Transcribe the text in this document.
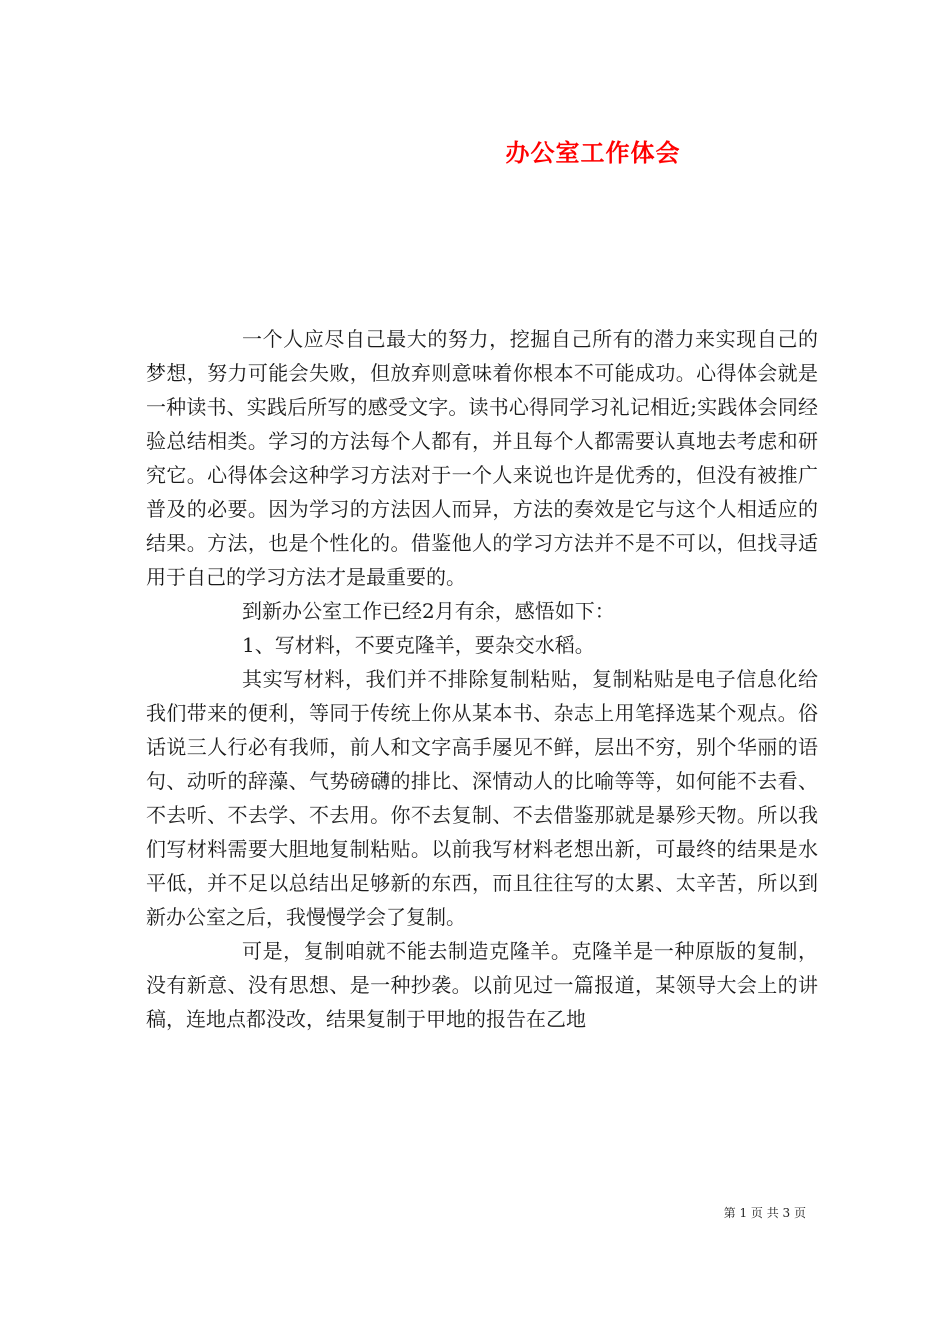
办公室工作体会

一个人应尽自己最大的努力，挖掘自己所有的潜力来实现自己的梦想，努力可能会失败，但放弃则意味着你根本不可能成功。心得体会就是一种读书、实践后所写的感受文字。读书心得同学习礼记相近;实践体会同经验总结相类。学习的方法每个人都有，并且每个人都需要认真地去考虑和研究它。心得体会这种学习方法对于一个人来说也许是优秀的，但没有被推广普及的必要。因为学习的方法因人而异，方法的奏效是它与这个人相适应的结果。方法，也是个性化的。借鉴他人的学习方法并不是不可以，但找寻适用于自己的学习方法才是最重要的。

到新办公室工作已经2月有余，感悟如下：

1、写材料，不要克隆羊，要杂交水稻。

其实写材料，我们并不排除复制粘贴，复制粘贴是电子信息化给我们带来的便利，等同于传统上你从某本书、杂志上用笔择选某个观点。俗话说三人行必有我师，前人和文字高手屡见不鲜，层出不穷，别个华丽的语句、动听的辞藻、气势磅礴的排比、深情动人的比喻等等，如何能不去看、不去听、不去学、不去用。你不去复制、不去借鉴那就是暴殄天物。所以我们写材料需要大胆地复制粘贴。以前我写材料老想出新，可最终的结果是水平低，并不足以总结出足够新的东西，而且往往写的太累、太辛苦，所以到新办公室之后，我慢慢学会了复制。

可是，复制咱就不能去制造克隆羊。克隆羊是一种原版的复制，没有新意、没有思想、是一种抄袭。以前见过一篇报道，某领导大会上的讲稿，连地点都没改，结果复制于甲地的报告在乙地

第 1 页 共 3 页
